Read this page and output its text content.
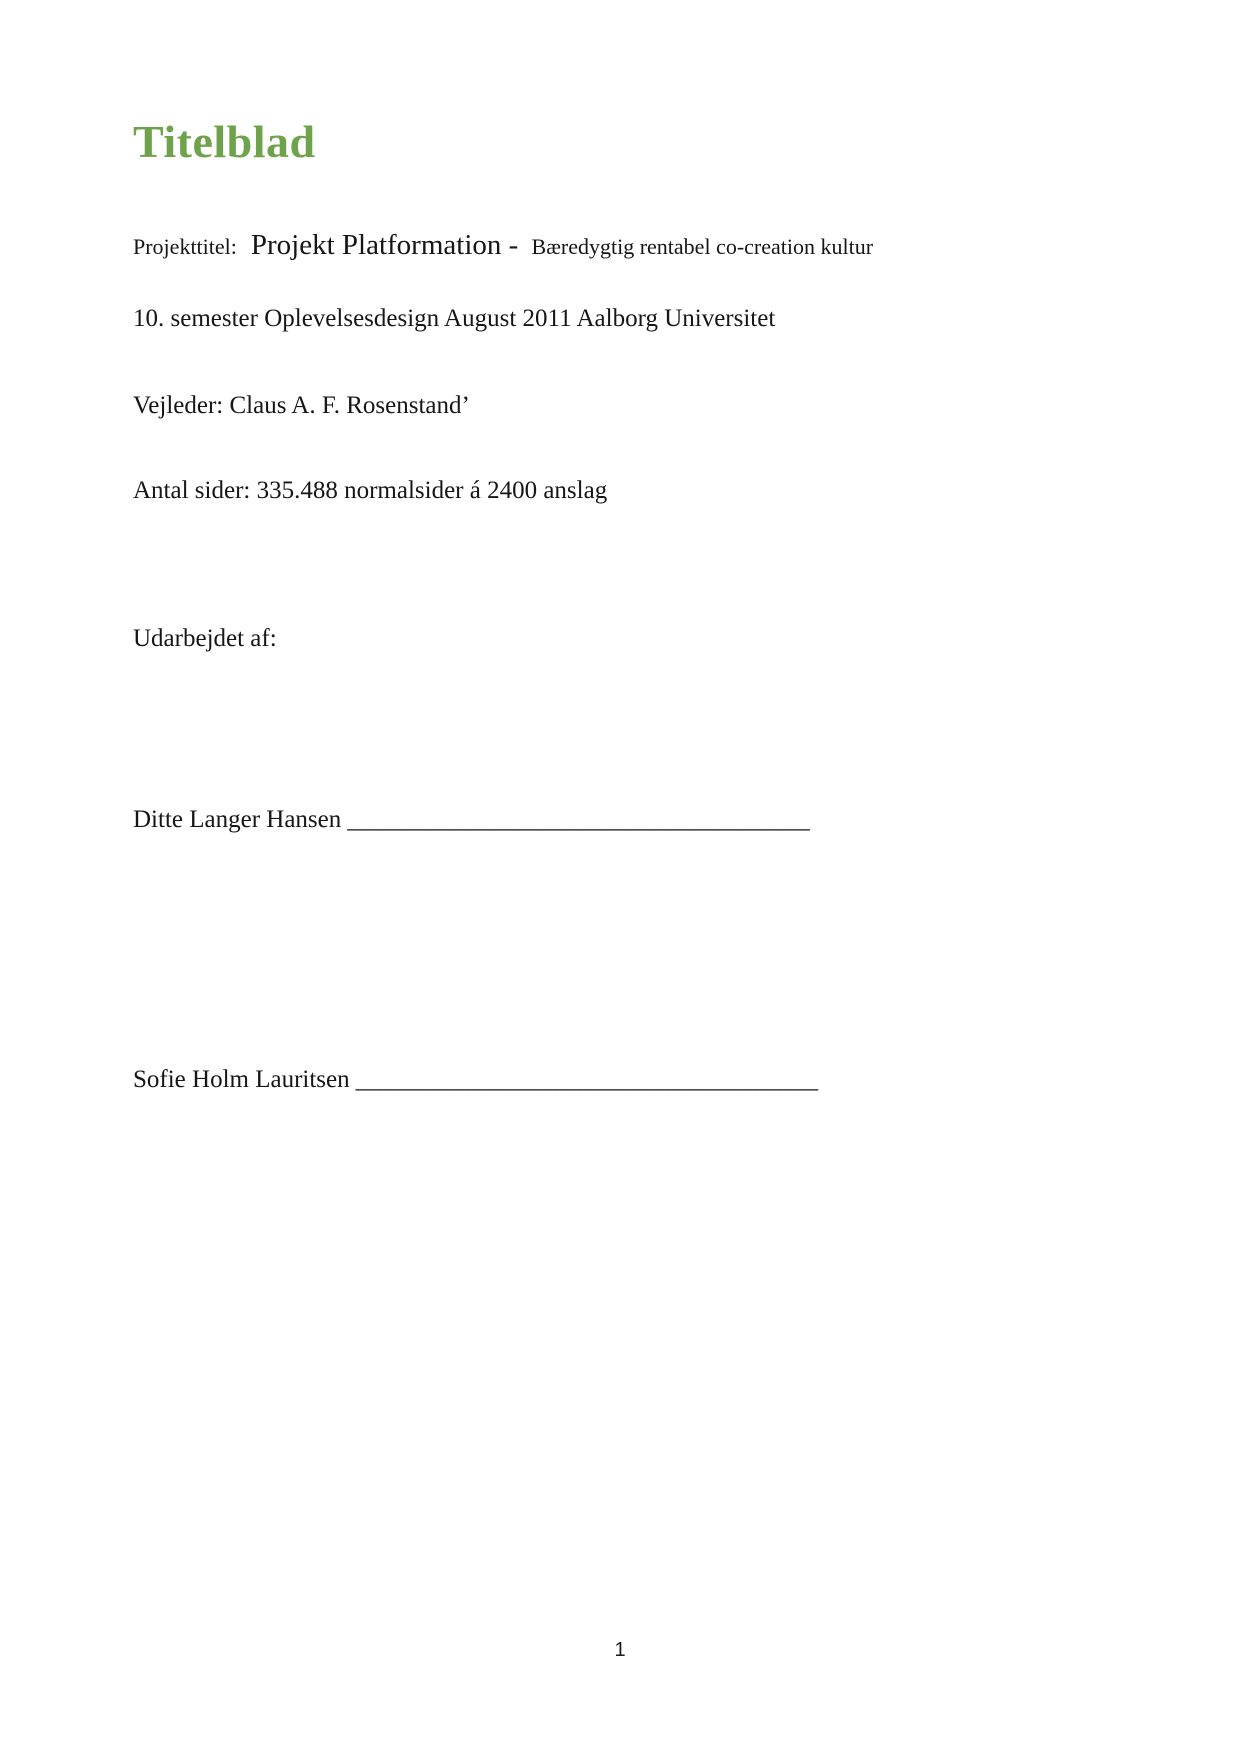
Titelblad

Projekttitel: Projekt Platformation - Bæredygtig rentabel co-creation kultur

10. semester Oplevelsesdesign August 2011 Aalborg Universitet

Vejleder: Claus A. F. Rosenstand’

Antal sider: 335.488 normalsider á 2400 anslag

Udarbejdet af:

Ditte Langer Hansen _____________________________________

Sofie Holm Lauritsen _____________________________________

1
